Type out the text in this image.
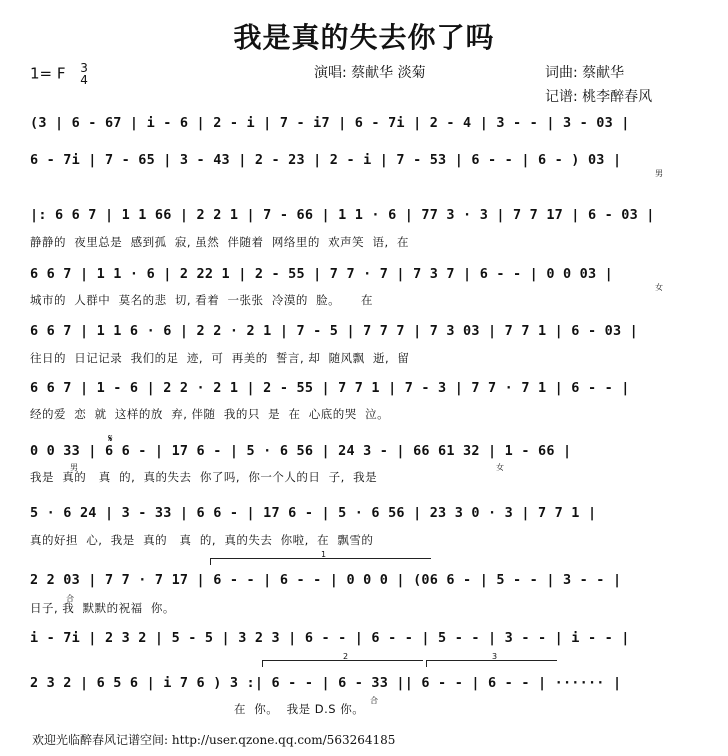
我是真的失去你了吗
1= F 3
4	演唱: 蔡献华 淡菊	词曲: 蔡献华
记谱: 桃李醉春风
(3 | 6 - 67 | i - 6 | 2 - i | 7 - i7 | 6 - 7i | 2 - 4 | 3 - - | 3 - 03 |
6 - 7i | 7 - 65 | 3 - 43 | 2 - 23 | 2 - i | 7 - 53 | 6 - - | 6 - ) 03 |
男
|: 6 6 7 | 1 1 66 | 2 2 1 | 7 - 66 | 1 1 · 6 | 77 3 · 3 | 7 7 17 | 6 - 03 |
静静的  夜里总是  感到孤  寂, 虽然  伴随着  网络里的  欢声笑  语,  在
6 6 7 | 1 1 · 6 | 2 22 1 | 2 - 55 | 7 7 · 7 | 7 3 7 | 6 - - | 0 0 03 |
城市的  人群中  莫名的悲  切, 看着  一张张  冷漠的  脸。     在
女
6 6 7 | 1 1 6 · 6 | 2 2 · 2 1 | 7 - 5 | 7 7 7 | 7 3 03 | 7 7 1 | 6 - 03 |
往日的  日记记录  我们的足  迹,  可  再美的  誓言, 却  随风飘  逝,  留
6 6 7 | 1 - 6 | 2 2 · 2 1 | 2 - 55 | 7 7 1 | 7 - 3 | 7 7 · 7 1 | 6 - - |
经的爱  恋  就  这样的放  弃, 伴随  我的只  是  在  心底的哭  泣。
0 0 33 | 6 6 - | 17 6 - | 5 · 6 56 | 24 3 - | 66 61 32 | 1 - 66 |
我是  真的   真  的,  真的失去  你了吗,  你一个人的日  子,  我是
男	女
𝄋
5 · 6 24 | 3 - 33 | 6 6 - | 17 6 - | 5 · 6 56 | 23 3 0 · 3 | 7 7 1 |
真的好担  心,  我是  真的   真  的,  真的失去  你啦,  在  飘雪的
1
2 2 03 | 7 7 · 7 17 | 6 - - | 6 - - | 0 0 0 | (06 6 - | 5 - - | 3 - - |
日子, 我  默默的祝福  你。
合
i - 7i | 2 3 2 | 5 - 5 | 3 2 3 | 6 - - | 6 - - | 5 - - | 3 - - | i - - |
2	3
2 3 2 | 6 5 6 | i 7 6 ) 3 :| 6 - - | 6 - 33 || 6 - - | 6 - - | ······ |
在  你。  我是 D.S 你。
合
欢迎光临醉春风记谱空间: http://user.qzone.qq.com/563264185
